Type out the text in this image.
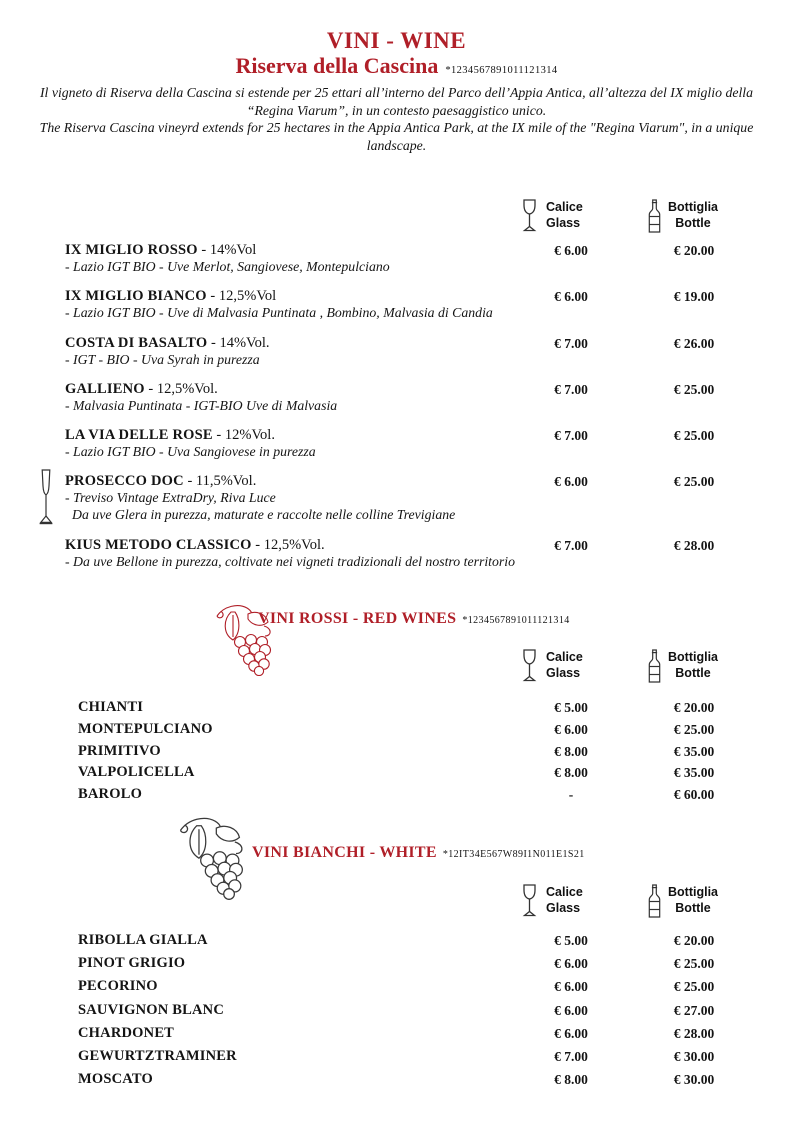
VINI - WINE
Riserva della Cascina *1234567891011121314
Il vigneto di Riserva della Cascina si estende per 25 ettari all’interno del Parco dell’Appia Antica, all’altezza del IX miglio della “Regina Viarum”, in un contesto paesaggistico unico.
The Riserva Cascina vineyrd extends for 25 hectares in the Appia Antica Park, at the IX mile of the "Regina Viarum", in a unique landscape.
Calice
Glass
Bottiglia
Bottle
IX MIGLIO ROSSO - 14%Vol
- Lazio IGT BIO - Uve Merlot, Sangiovese, Montepulciano
€ 6.00	€ 20.00
IX MIGLIO BIANCO - 12,5%Vol
- Lazio IGT BIO - Uve di Malvasia Puntinata , Bombino, Malvasia di Candia
€ 6.00	€ 19.00
COSTA DI BASALTO - 14%Vol.
- IGT - BIO - Uva Syrah in purezza
€ 7.00	€ 26.00
GALLIENO - 12,5%Vol.
- Malvasia Puntinata - IGT-BIO Uve di Malvasia
€ 7.00	€ 25.00
LA VIA DELLE ROSE - 12%Vol.
- Lazio IGT BIO - Uva Sangiovese in purezza
€ 7.00	€ 25.00
PROSECCO DOC - 11,5%Vol.
- Treviso Vintage ExtraDry, Riva Luce
Da uve Glera in purezza, maturate e raccolte nelle colline Trevigiane
€ 6.00	€ 25.00
KIUS METODO CLASSICO - 12,5%Vol.
- Da uve Bellone in purezza, coltivate nei vigneti tradizionali del nostro territorio
€ 7.00	€ 28.00
VINI ROSSI - RED WINES *1234567891011121314
Calice
Glass
Bottiglia
Bottle
CHIANTI	€ 5.00	€ 20.00
MONTEPULCIANO	€ 6.00	€ 25.00
PRIMITIVO	€ 8.00	€ 35.00
VALPOLICELLA	€ 8.00	€ 35.00
BAROLO	-	€ 60.00
VINI BIANCHI - WHITE *12IT34E567W89I1N011E1S21
Calice
Glass
Bottiglia
Bottle
RIBOLLA GIALLA	€ 5.00	€ 20.00
PINOT GRIGIO	€ 6.00	€ 25.00
PECORINO	€ 6.00	€ 25.00
SAUVIGNON BLANC	€ 6.00	€ 27.00
CHARDONET	€ 6.00	€ 28.00
GEWURTZTRAMINER	€ 7.00	€ 30.00
MOSCATO	€ 8.00	€ 30.00
